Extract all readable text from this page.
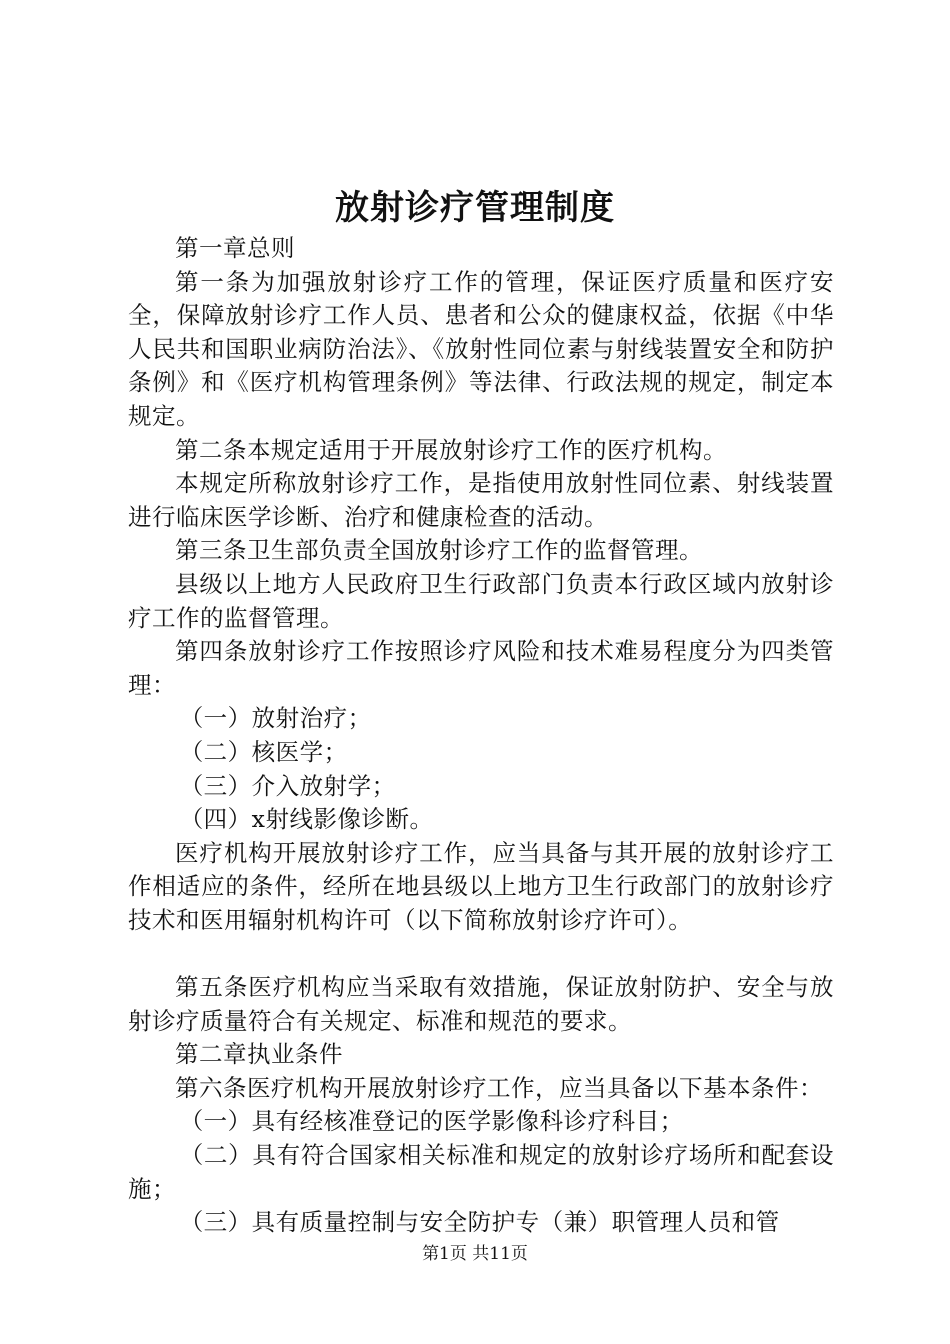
放射诊疗管理制度

第一章总则

第一条为加强放射诊疗工作的管理，保证医疗质量和医疗安全，保障放射诊疗工作人员、患者和公众的健康权益，依据《中华人民共和国职业病防治法》、《放射性同位素与射线装置安全和防护条例》和《医疗机构管理条例》等法律、行政法规的规定，制定本规定。

第二条本规定适用于开展放射诊疗工作的医疗机构。

本规定所称放射诊疗工作，是指使用放射性同位素、射线装置进行临床医学诊断、治疗和健康检查的活动。

第三条卫生部负责全国放射诊疗工作的监督管理。

县级以上地方人民政府卫生行政部门负责本行政区域内放射诊疗工作的监督管理。

第四条放射诊疗工作按照诊疗风险和技术难易程度分为四类管理：

（一）放射治疗；

（二）核医学；

（三）介入放射学；

（四）x射线影像诊断。

医疗机构开展放射诊疗工作，应当具备与其开展的放射诊疗工作相适应的条件，经所在地县级以上地方卫生行政部门的放射诊疗技术和医用辐射机构许可（以下简称放射诊疗许可）。

第五条医疗机构应当采取有效措施，保证放射防护、安全与放射诊疗质量符合有关规定、标准和规范的要求。

第二章执业条件

第六条医疗机构开展放射诊疗工作，应当具备以下基本条件：

（一）具有经核准登记的医学影像科诊疗科目；

（二）具有符合国家相关标准和规定的放射诊疗场所和配套设施；

（三）具有质量控制与安全防护专（兼）职管理人员和管

第1页 共11页
